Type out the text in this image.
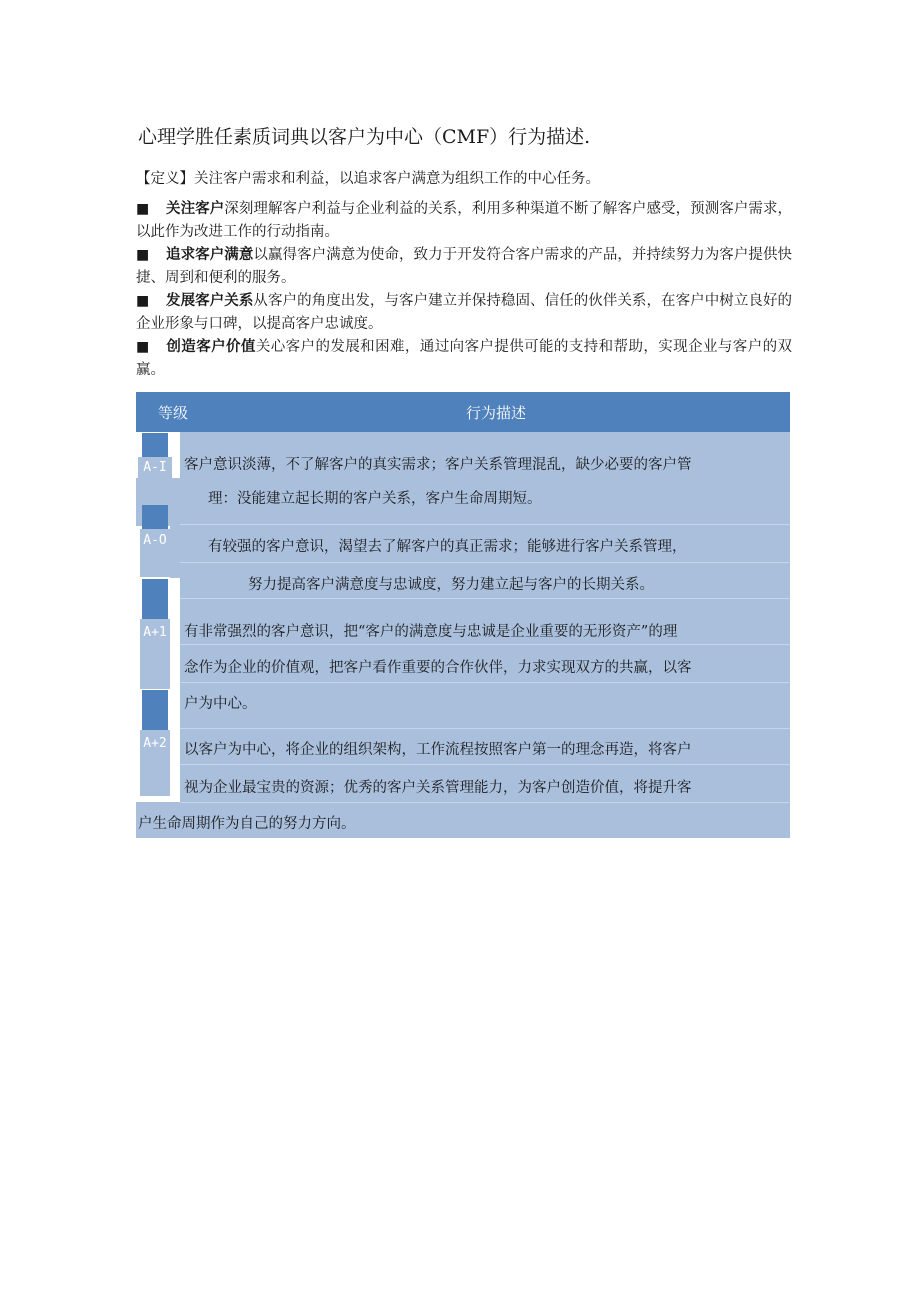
心理学胜任素质词典以客户为中心（CMF）行为描述.
【定义】关注客户需求和利益，以追求客户满意为组织工作的中心任务。
■ 关注客户深刻理解客户利益与企业利益的关系，利用多种渠道不断了解客户感受，预测客户需求，以此作为改进工作的行动指南。
■ 追求客户满意以赢得客户满意为使命，致力于开发符合客户需求的产品，并持续努力为客户提供快捷、周到和便利的服务。
■ 发展客户关系从客户的角度出发，与客户建立并保持稳固、信任的伙伴关系，在客户中树立良好的企业形象与口碑，以提高客户忠诚度。
■ 创造客户价值关心客户的发展和困难，通过向客户提供可能的支持和帮助，实现企业与客户的双赢。
等级	行为描述
A-I	客户意识淡薄，不了解客户的真实需求；客户关系管理混乱，缺少必要的客户管
理：没能建立起长期的客户关系，客户生命周期短。
A-O	有较强的客户意识，渴望去了解客户的真正需求；能够进行客户关系管理，
努力提高客户满意度与忠诚度，努力建立起与客户的长期关系。
A+1 有非常强烈的客户意识，把“客户的满意度与忠诚是企业重要的无形资产”的理
念作为企业的价值观，把客户看作重要的合作伙伴，力求实现双方的共赢，以客
户为中心。
A+2 以客户为中心，将企业的组织架构，工作流程按照客户第一的理念再造，将客户
视为企业最宝贵的资源；优秀的客户关系管理能力，为客户创造价值，将提升客
户生命周期作为自己的努力方向。
